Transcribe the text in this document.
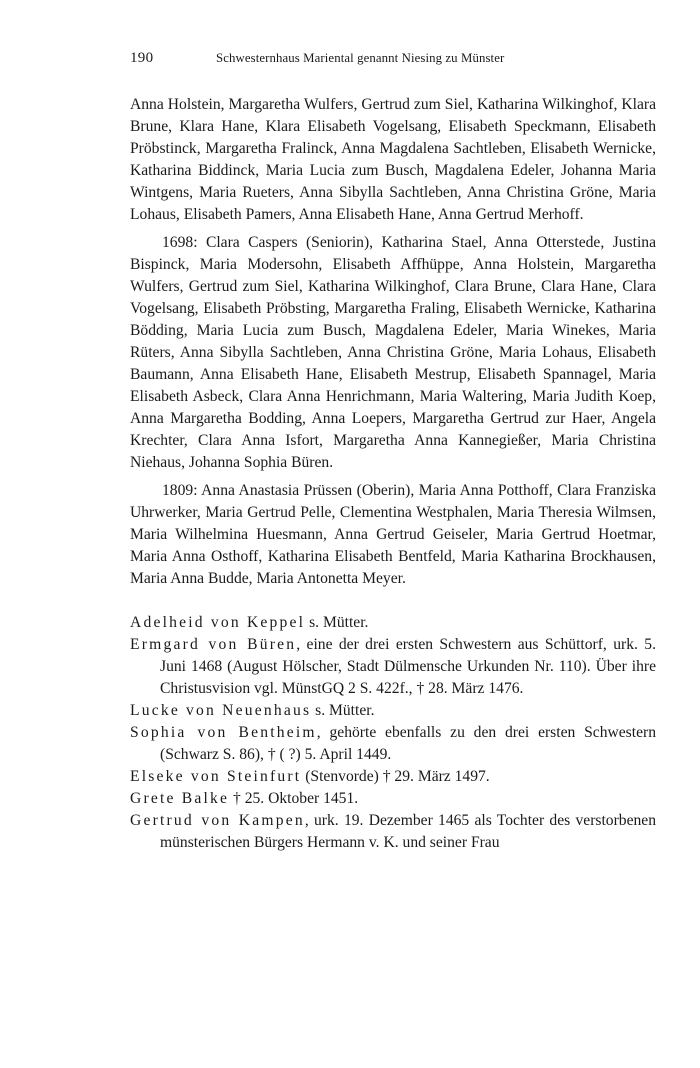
190	Schwesternhaus Mariental genannt Niesing zu Münster

Anna Holstein, Margaretha Wulfers, Gertrud zum Siel, Katharina Wilkinghof, Klara Brune, Klara Hane, Klara Elisabeth Vogelsang, Elisabeth Speckmann, Elisabeth Pröbstinck, Margaretha Fralinck, Anna Magdalena Sachtleben, Elisabeth Wernicke, Katharina Biddinck, Maria Lucia zum Busch, Magdalena Edeler, Johanna Maria Wintgens, Maria Rueters, Anna Sibylla Sachtleben, Anna Christina Gröne, Maria Lohaus, Elisabeth Pamers, Anna Elisabeth Hane, Anna Gertrud Merhoff.

1698: Clara Caspers (Seniorin), Katharina Stael, Anna Otterstede, Justina Bispinck, Maria Modersohn, Elisabeth Affhüppe, Anna Holstein, Margaretha Wulfers, Gertrud zum Siel, Katharina Wilkinghof, Clara Brune, Clara Hane, Clara Vogelsang, Elisabeth Pröbsting, Margaretha Fraling, Elisabeth Wernicke, Katharina Bödding, Maria Lucia zum Busch, Magdalena Edeler, Maria Winekes, Maria Rüters, Anna Sibylla Sachtleben, Anna Christina Gröne, Maria Lohaus, Elisabeth Baumann, Anna Elisabeth Hane, Elisabeth Mestrup, Elisabeth Spannagel, Maria Elisabeth Asbeck, Clara Anna Henrichmann, Maria Waltering, Maria Judith Koep, Anna Margaretha Bodding, Anna Loepers, Margaretha Gertrud zur Haer, Angela Krechter, Clara Anna Isfort, Margaretha Anna Kannegießer, Maria Christina Niehaus, Johanna Sophia Büren.

1809: Anna Anastasia Prüssen (Oberin), Maria Anna Potthoff, Clara Franziska Uhrwerker, Maria Gertrud Pelle, Clementina Westphalen, Maria Theresia Wilmsen, Maria Wilhelmina Huesmann, Anna Gertrud Geiseler, Maria Gertrud Hoetmar, Maria Anna Osthoff, Katharina Elisabeth Bentfeld, Maria Katharina Brockhausen, Maria Anna Budde, Maria Antonetta Meyer.

Adelheid von Keppel s. Mütter.

Ermgard von Büren, eine der drei ersten Schwestern aus Schüttorf, urk. 5. Juni 1468 (August Hölscher, Stadt Dülmensche Urkunden Nr. 110). Über ihre Christusvision vgl. MünstGQ 2 S. 422f., † 28. März 1476.

Lucke von Neuenhaus s. Mütter.

Sophia von Bentheim, gehörte ebenfalls zu den drei ersten Schwestern (Schwarz S. 86), † ( ?) 5. April 1449.

Elseke von Steinfurt (Stenvorde) † 29. März 1497.

Grete Balke † 25. Oktober 1451.

Gertrud von Kampen, urk. 19. Dezember 1465 als Tochter des verstorbenen münsterischen Bürgers Hermann v. K. und seiner Frau
